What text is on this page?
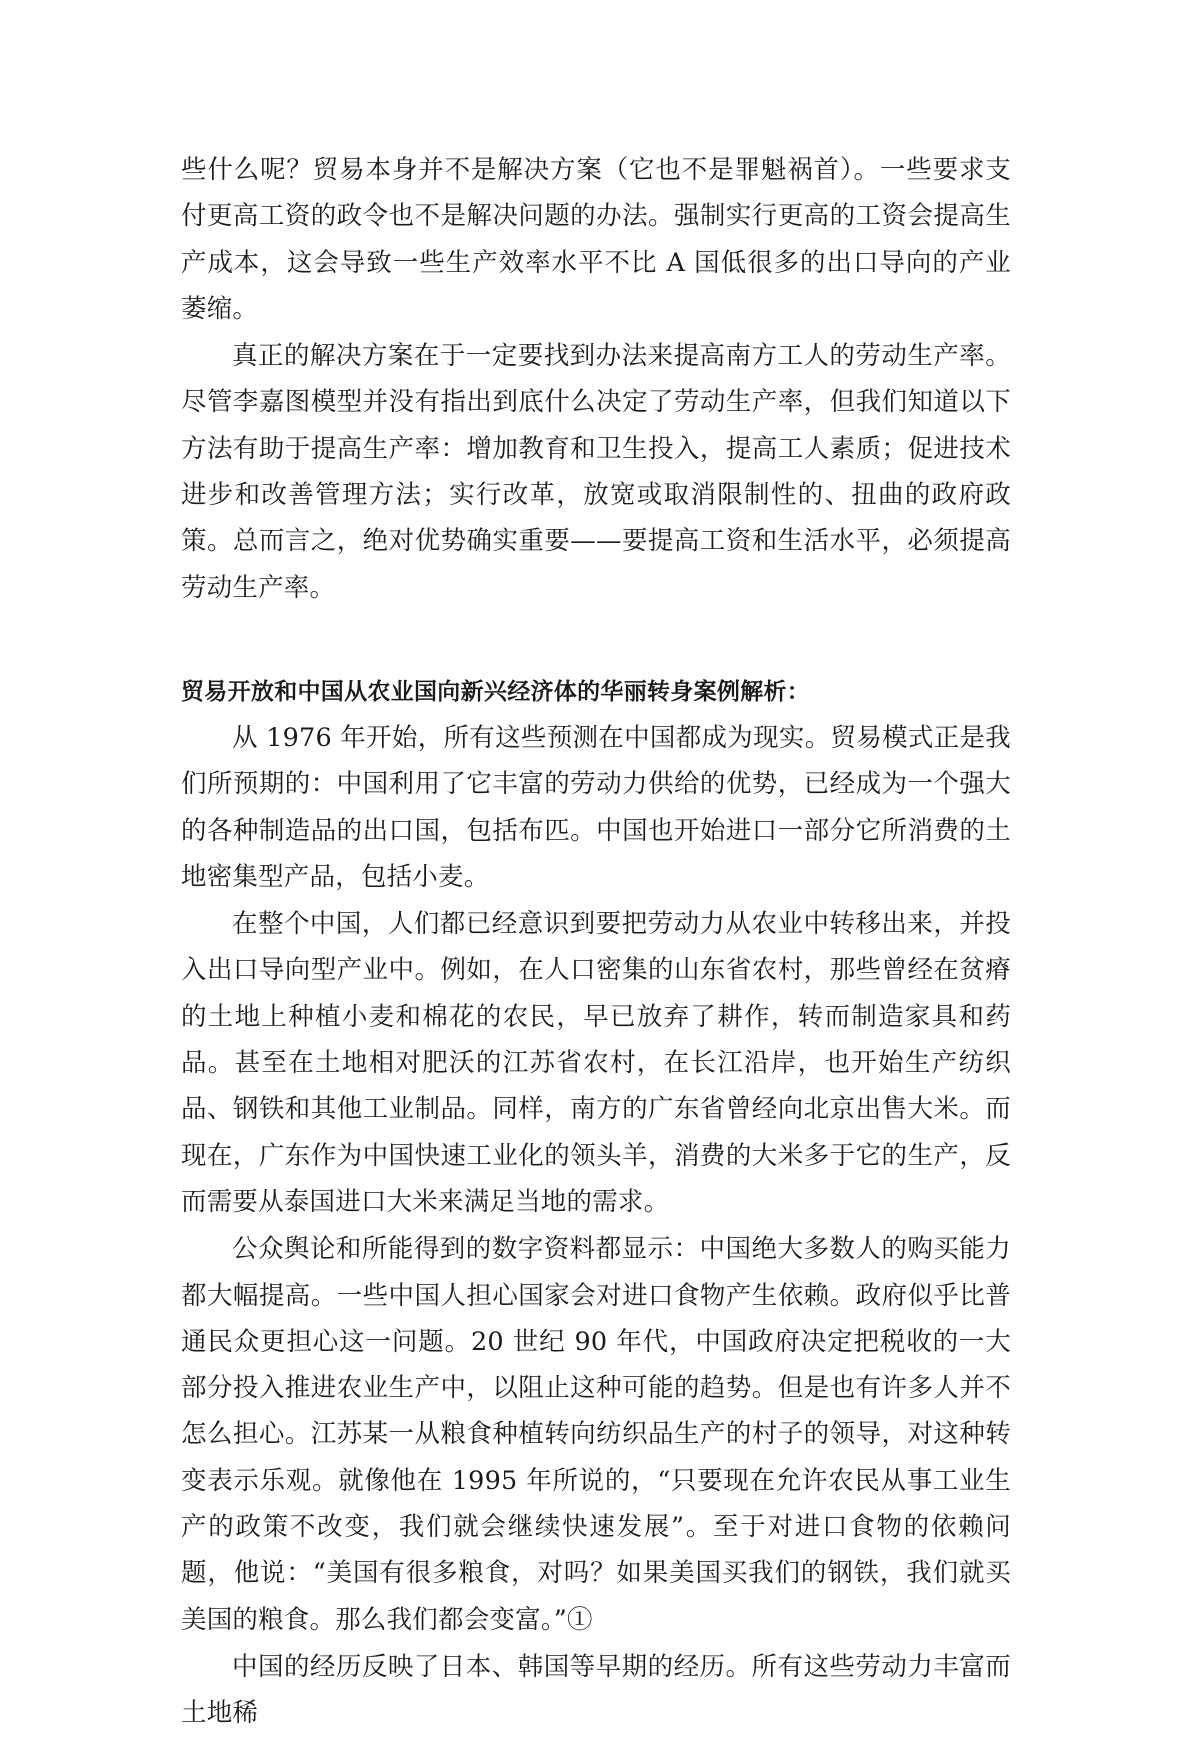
些什么呢？贸易本身并不是解决方案（它也不是罪魁祸首）。一些要求支付更高工资的政令也不是解决问题的办法。强制实行更高的工资会提高生产成本，这会导致一些生产效率水平不比 A 国低很多的出口导向的产业萎缩。

真正的解决方案在于一定要找到办法来提高南方工人的劳动生产率。尽管李嘉图模型并没有指出到底什么决定了劳动生产率，但我们知道以下方法有助于提高生产率：增加教育和卫生投入，提高工人素质；促进技术进步和改善管理方法；实行改革，放宽或取消限制性的、扭曲的政府政策。总而言之，绝对优势确实重要——要提高工资和生活水平，必须提高劳动生产率。

贸易开放和中国从农业国向新兴经济体的华丽转身案例解析：

从 1976 年开始，所有这些预测在中国都成为现实。贸易模式正是我们所预期的：中国利用了它丰富的劳动力供给的优势，已经成为一个强大的各种制造品的出口国，包括布匹。中国也开始进口一部分它所消费的土地密集型产品，包括小麦。

在整个中国，人们都已经意识到要把劳动力从农业中转移出来，并投入出口导向型产业中。例如，在人口密集的山东省农村，那些曾经在贫瘠的土地上种植小麦和棉花的农民，早已放弃了耕作，转而制造家具和药品。甚至在土地相对肥沃的江苏省农村，在长江沿岸，也开始生产纺织品、钢铁和其他工业制品。同样，南方的广东省曾经向北京出售大米。而现在，广东作为中国快速工业化的领头羊，消费的大米多于它的生产，反而需要从泰国进口大米来满足当地的需求。

公众舆论和所能得到的数字资料都显示：中国绝大多数人的购买能力都大幅提高。一些中国人担心国家会对进口食物产生依赖。政府似乎比普通民众更担心这一问题。20 世纪 90 年代，中国政府决定把税收的一大部分投入推进农业生产中，以阻止这种可能的趋势。但是也有许多人并不怎么担心。江苏某一从粮食种植转向纺织品生产的村子的领导，对这种转变表示乐观。就像他在 1995 年所说的，“只要现在允许农民从事工业生产的政策不改变，我们就会继续快速发展”。至于对进口食物的依赖问题，他说：“美国有很多粮食，对吗？如果美国买我们的钢铁，我们就买美国的粮食。那么我们都会变富。”①

中国的经历反映了日本、韩国等早期的经历。所有这些劳动力丰富而土地稀
